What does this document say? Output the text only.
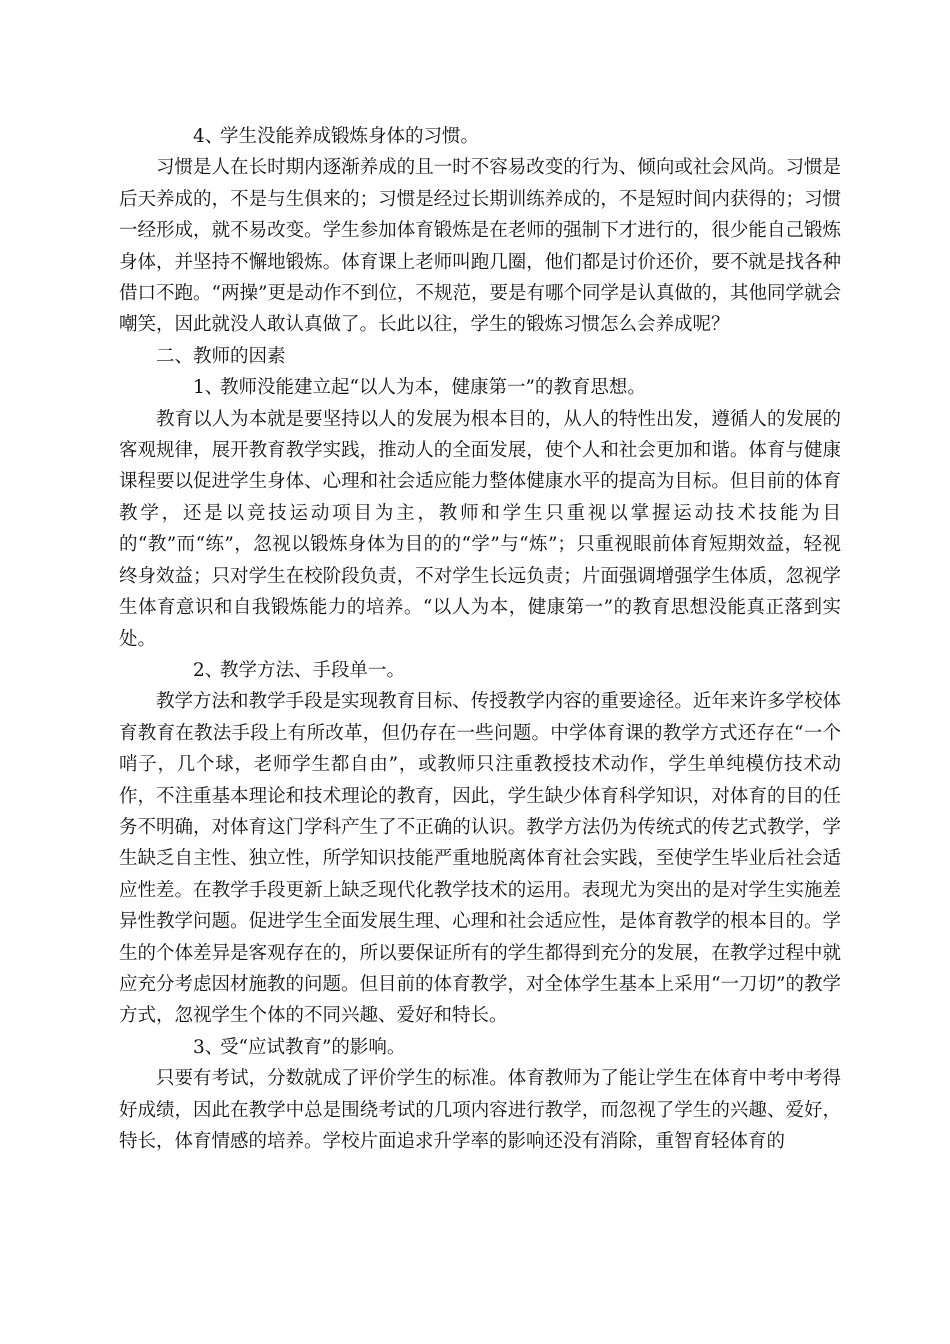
4、学生没能养成锻炼身体的习惯。

习惯是人在长时期内逐渐养成的且一时不容易改变的行为、倾向或社会风尚。习惯是后天养成的，不是与生俱来的；习惯是经过长期训练养成的，不是短时间内获得的；习惯一经形成，就不易改变。学生参加体育锻炼是在老师的强制下才进行的，很少能自己锻炼身体，并坚持不懈地锻炼。体育课上老师叫跑几圈，他们都是讨价还价，要不就是找各种借口不跑。“两操”更是动作不到位，不规范，要是有哪个同学是认真做的，其他同学就会嘲笑，因此就没人敢认真做了。长此以往，学生的锻炼习惯怎么会养成呢？

二、教师的因素

1、教师没能建立起“以人为本，健康第一”的教育思想。

教育以人为本就是要坚持以人的发展为根本目的，从人的特性出发，遵循人的发展的客观规律，展开教育教学实践，推动人的全面发展，使个人和社会更加和谐。体育与健康课程要以促进学生身体、心理和社会适应能力整体健康水平的提高为目标。但目前的体育教学，还是以竞技运动项目为主，教师和学生只重视以掌握运动技术技能为目的“教”而“练”，忽视以锻炼身体为目的的“学”与“炼”；只重视眼前体育短期效益，轻视终身效益；只对学生在校阶段负责，不对学生长远负责；片面强调增强学生体质，忽视学生体育意识和自我锻炼能力的培养。“以人为本，健康第一”的教育思想没能真正落到实处。

2、教学方法、手段单一。

教学方法和教学手段是实现教育目标、传授教学内容的重要途径。近年来许多学校体育教育在教法手段上有所改革，但仍存在一些问题。中学体育课的教学方式还存在“一个哨子，几个球，老师学生都自由”，或教师只注重教授技术动作，学生单纯模仿技术动作，不注重基本理论和技术理论的教育，因此，学生缺少体育科学知识，对体育的目的任务不明确，对体育这门学科产生了不正确的认识。教学方法仍为传统式的传艺式教学，学生缺乏自主性、独立性，所学知识技能严重地脱离体育社会实践，至使学生毕业后社会适应性差。在教学手段更新上缺乏现代化教学技术的运用。表现尤为突出的是对学生实施差异性教学问题。促进学生全面发展生理、心理和社会适应性，是体育教学的根本目的。学生的个体差异是客观存在的，所以要保证所有的学生都得到充分的发展，在教学过程中就应充分考虑因材施教的问题。但目前的体育教学，对全体学生基本上采用“一刀切”的教学方式，忽视学生个体的不同兴趣、爱好和特长。

3、受“应试教育”的影响。

只要有考试，分数就成了评价学生的标准。体育教师为了能让学生在体育中考中考得好成绩，因此在教学中总是围绕考试的几项内容进行教学，而忽视了学生的兴趣、爱好，特长，体育情感的培养。学校片面追求升学率的影响还没有消除，重智育轻体育的
